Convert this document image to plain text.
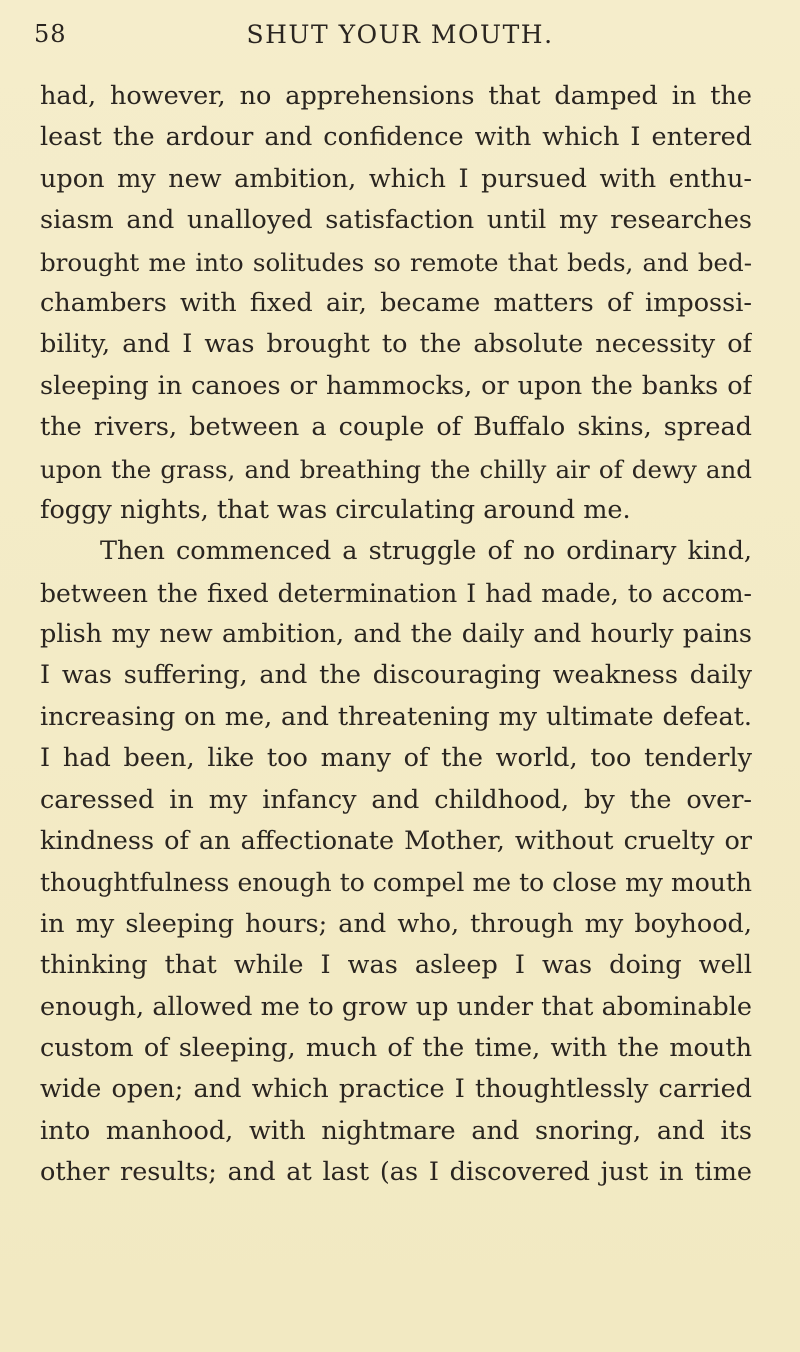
58	SHUT YOUR MOUTH.
had, however, no apprehensions that damped in the
least the ardour and confidence with which I entered
upon my new ambition, which I pursued with enthu-
siasm and unalloyed satisfaction until my researches
brought me into solitudes so remote that beds, and bed-
chambers with fixed air, became matters of impossi-
bility, and I was brought to the absolute necessity of
sleeping in canoes or hammocks, or upon the banks of
the rivers, between a couple of Buffalo skins, spread
upon the grass, and breathing the chilly air of dewy and
foggy nights, that was circulating around me.
Then commenced a struggle of no ordinary kind,
between the fixed determination I had made, to accom-
plish my new ambition, and the daily and hourly pains
I was suffering, and the discouraging weakness daily
increasing on me, and threatening my ultimate defeat.
I had been, like too many of the world, too tenderly
caressed in my infancy and childhood, by the over-
kindness of an affectionate Mother, without cruelty or
thoughtfulness enough to compel me to close my mouth
in my sleeping hours; and who, through my boyhood,
thinking that while I was asleep I was doing well
enough, allowed me to grow up under that abominable
custom of sleeping, much of the time, with the mouth
wide open; and which practice I thoughtlessly carried
into manhood, with nightmare and snoring, and its
other results; and at last (as I discovered just in time
